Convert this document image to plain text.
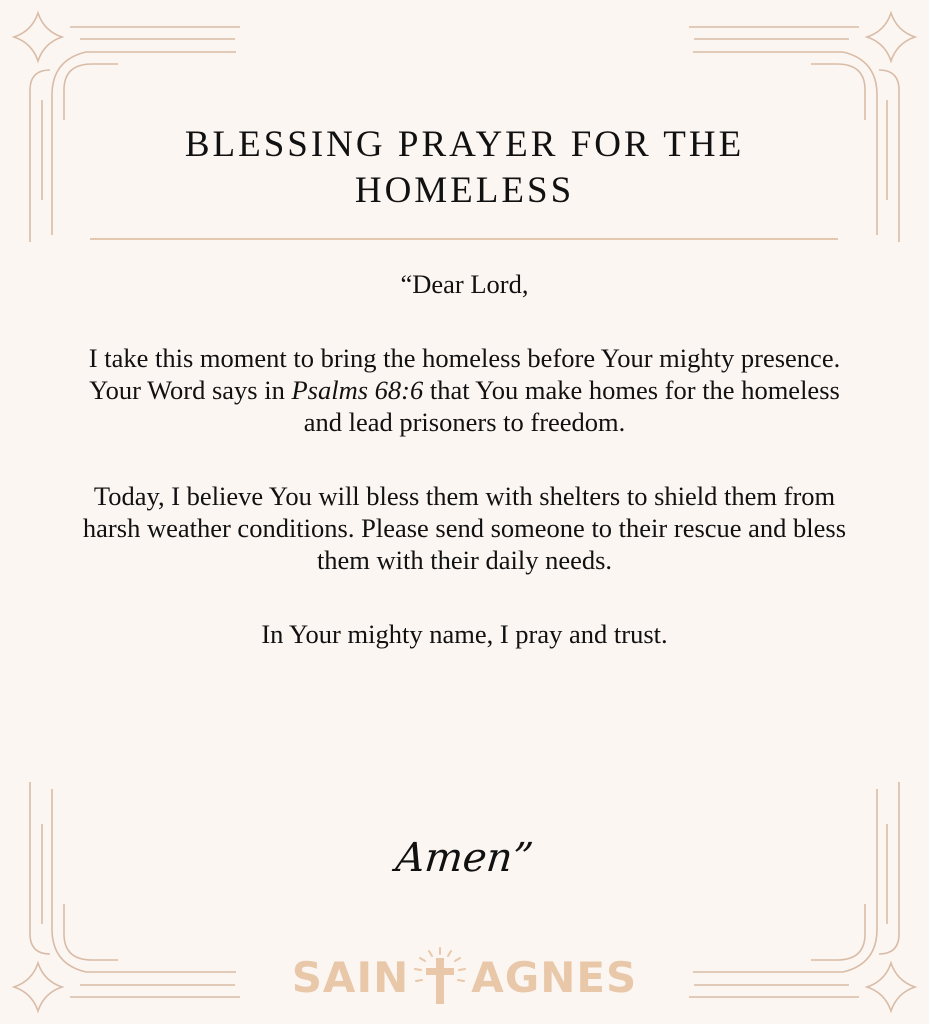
BLESSING PRAYER FOR THE HOMELESS

“Dear Lord,

I take this moment to bring the homeless before Your mighty presence. Your Word says in Psalms 68:6 that You make homes for the homeless and lead prisoners to freedom.

Today, I believe You will bless them with shelters to shield them from harsh weather conditions. Please send someone to their rescue and bless them with their daily needs.

In Your mighty name, I pray and trust.

Amen”
SAIN AGNES
